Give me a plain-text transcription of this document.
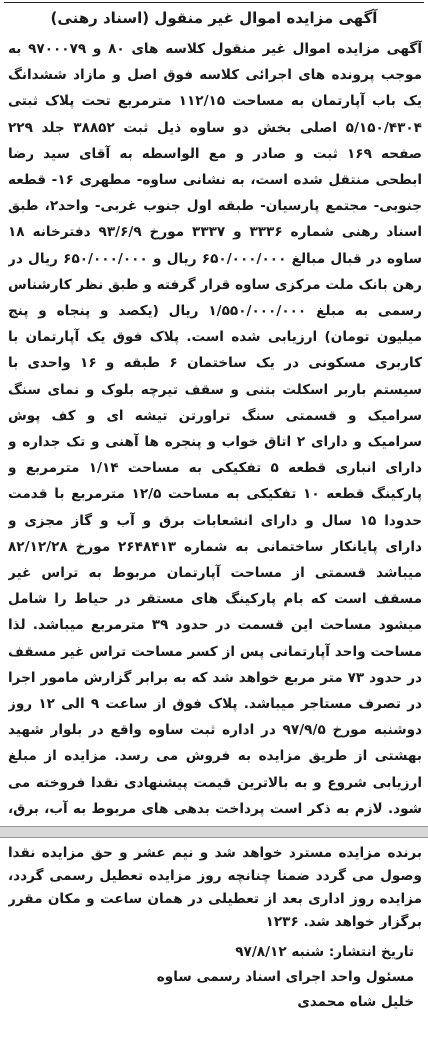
آگهی مزایده اموال غیر منقول (اسناد رهنی)
آگهی مزایده اموال غیر منقول کلاسه های ۸۰ و ۹۷۰۰۰۷۹ به موجب پرونده های اجرائی کلاسه فوق اصل و مازاد ششدانگ یک باب آپارتمان به مساحت ۱۱۲/۱۵ مترمربع تحت پلاک ثبتی ۵/۱۵۰/۴۳۰۴ اصلی بخش دو ساوه ذیل ثبت ۳۸۸۵۲ جلد ۲۲۹ صفحه ۱۶۹ ثبت و صادر و مع الواسطه به آقای سید رضا ابطحی منتقل شده است، به نشانی ساوه- مطهری ۱۶- قطعه جنوبی- مجتمع پارسیان- طبقه اول جنوب غربی- واحد۲، طبق اسناد رهنی شماره ۳۳۳۶ و ۳۳۳۷ مورخ ۹۳/۶/۹ دفترخانه ۱۸ ساوه در قبال مبالغ ۶۵۰/۰۰۰/۰۰۰ ریال و ۶۵۰/۰۰۰/۰۰۰ ریال در رهن بانک ملت مرکزی ساوه قرار گرفته و طبق نظر کارشناس رسمی به مبلغ ۱/۵۵۰/۰۰۰/۰۰۰ ریال (یکصد و پنجاه و پنج میلیون تومان) ارزیابی شده است. پلاک فوق یک آپارتمان با کاربری مسکونی در یک ساختمان ۶ طبقه و ۱۶ واحدی با سیستم باربر اسکلت بتنی و سقف تیرچه بلوک و نمای سنگ سرامیک و قسمتی سنگ تراورتن تیشه ای و کف پوش سرامیک و دارای ۲ اتاق خواب و پنجره ها آهنی و تک جداره و دارای انباری قطعه ۵ تفکیکی به مساحت ۱/۱۴ مترمربع و پارکینگ قطعه ۱۰ تفکیکی به مساحت ۱۲/۵ مترمربع با قدمت حدودا ۱۵ سال و دارای انشعابات برق و آب و گاز مجزی و دارای پایانکار ساختمانی به شماره ۲۶۴۸۴۱۳ مورخ ۸۲/۱۲/۲۸ میباشد قسمتی از مساحت آپارتمان مربوط به تراس غیر مسقف است که بام پارکینگ های مستقر در حیاط را شامل میشود مساحت این قسمت در حدود ۳۹ مترمربع میباشد. لذا مساحت واحد آپارتمانی پس از کسر مساحت تراس غیر مسقف در حدود ۷۳ متر مربع خواهد شد که به برابر گزارش مامور اجرا در تصرف مستاجر میباشد. پلاک فوق از ساعت ۹ الی ۱۲ روز دوشنبه مورخ ۹۷/۹/۵ در اداره ثبت ساوه واقع در بلوار شهید بهشتی از طریق مزایده به فروش می رسد. مزایده از مبلغ ارزیابی شروع و به بالاترین قیمت پیشنهادی نقدا فروخته می شود. لازم به ذکر است پرداخت بدهی های مربوط به آب، برق،
برنده مزایده مسترد خواهد شد و نیم عشر و حق مزایده نقدا وصول می گردد ضمنا چنانچه روز مزایده تعطیل رسمی گردد، مزایده روز اداری بعد از تعطیلی در همان ساعت و مکان مقرر برگزار خواهد شد. ۱۲۳۶
تاریخ انتشار: شنبه ۹۷/۸/۱۲
مسئول واحد اجرای اسناد رسمی ساوه
خلیل شاه محمدی
